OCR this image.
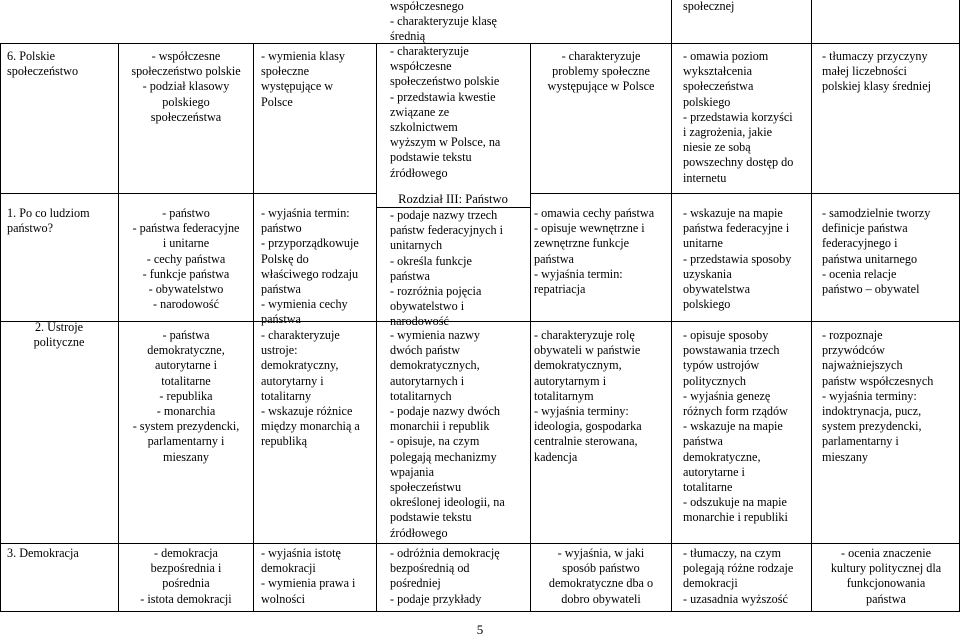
współczesnego
- charakteryzuje klasę
średnią
społecznej
6. Polskie
społeczeństwo
- współczesne
społeczeństwo polskie
- podział klasowy
polskiego
społeczeństwa
- wymienia klasy
społeczne
występujące w
Polsce
- charakteryzuje
współczesne
społeczeństwo polskie
- przedstawia kwestie
związane ze
szkolnictwem
wyższym w Polsce, na
podstawie tekstu
źródłowego
- charakteryzuje
problemy społeczne
występujące w Polsce
- omawia poziom
wykształcenia
społeczeństwa
polskiego
- przedstawia korzyści
i zagrożenia, jakie
niesie ze sobą
powszechny dostęp do
internetu
- tłumaczy przyczyny
małej liczebności
polskiej klasy średniej
Rozdział III: Państwo
1. Po co ludziom
państwo?
- państwo
- państwa federacyjne
i unitarne
- cechy państwa
- funkcje państwa
- obywatelstwo
- narodowość
- wyjaśnia termin:
państwo
- przyporządkowuje
Polskę do
właściwego rodzaju
państwa
- wymienia cechy
państwa
- podaje nazwy trzech
państw federacyjnych i
unitarnych
- określa funkcje
państwa
- rozróżnia pojęcia
obywatelstwo i
narodowość
- omawia cechy państwa
- opisuje wewnętrzne i
zewnętrzne funkcje
państwa
- wyjaśnia termin:
repatriacja
- wskazuje na mapie
państwa federacyjne i
unitarne
- przedstawia sposoby
uzyskania
obywatelstwa
polskiego
- samodzielnie tworzy
definicje państwa
federacyjnego i
państwa unitarnego
- ocenia relacje
państwo – obywatel
2. Ustroje
polityczne
- państwa
demokratyczne,
autorytarne i
totalitarne
- republika
- monarchia
- system prezydencki,
parlamentarny i
mieszany
- charakteryzuje
ustroje:
demokratyczny,
autorytarny i
totalitarny
- wskazuje różnice
między monarchią a
republiką
- wymienia nazwy
dwóch państw
demokratycznych,
autorytarnych i
totalitarnych
- podaje nazwy dwóch
monarchii i republik
- opisuje, na czym
polegają mechanizmy
wpajania
społeczeństwu
określonej ideologii, na
podstawie tekstu
źródłowego
- charakteryzuje rolę
obywateli w państwie
demokratycznym,
autorytarnym i
totalitarnym
- wyjaśnia terminy:
ideologia, gospodarka
centralnie sterowana,
kadencja
- opisuje sposoby
powstawania trzech
typów ustrojów
politycznych
- wyjaśnia genezę
różnych form rządów
- wskazuje na mapie
państwa
demokratyczne,
autorytarne i
totalitarne
- odszukuje na mapie
monarchie i republiki
- rozpoznaje
przywódców
najważniejszych
państw współczesnych
- wyjaśnia terminy:
indoktrynacja, pucz,
system prezydencki,
parlamentarny i
mieszany
3. Demokracja	- demokracja
bezpośrednia i
pośrednia
- istota demokracji
- wyjaśnia istotę
demokracji
- wymienia prawa i
wolności
- odróżnia demokrację
bezpośrednią od
pośredniej
- podaje przykłady
- wyjaśnia, w jaki
sposób państwo
demokratyczne dba o
dobro obywateli
- tłumaczy, na czym
polegają różne rodzaje
demokracji
- uzasadnia wyższość
- ocenia znaczenie
kultury politycznej dla
funkcjonowania
państwa
5
